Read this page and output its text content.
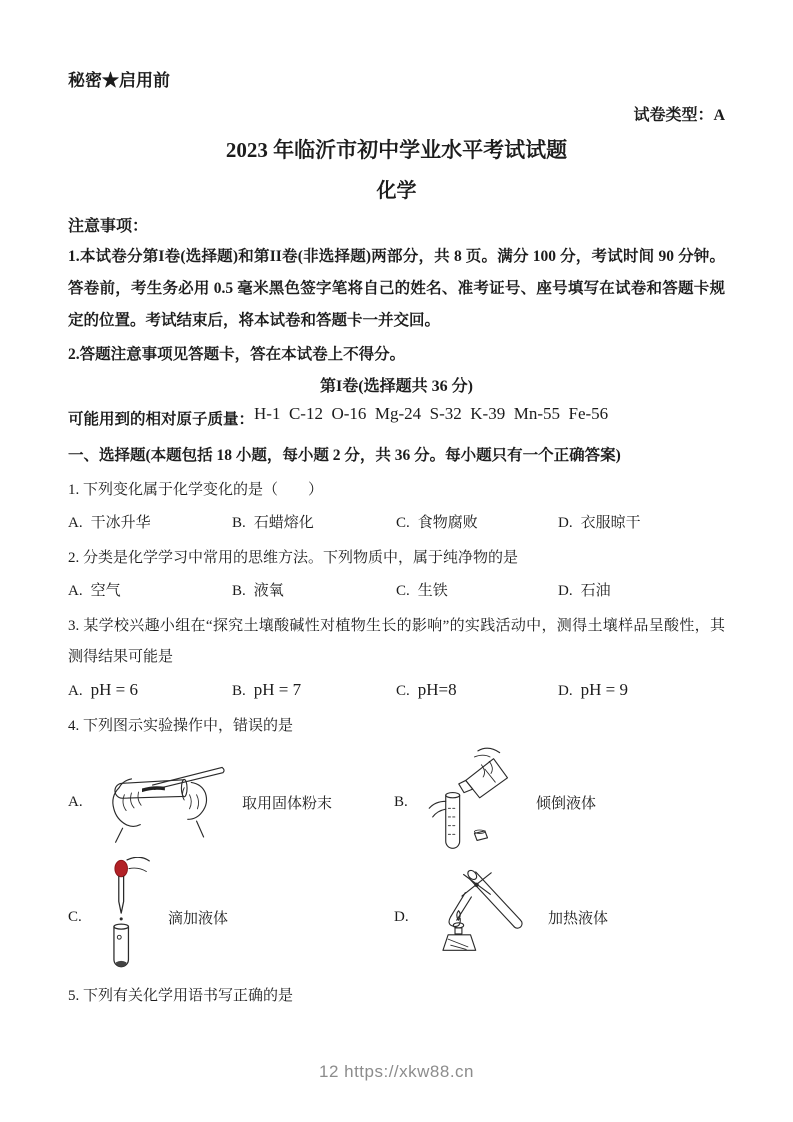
秘密★启用前
试卷类型：A
2023 年临沂市初中学业水平考试试题
化学
注意事项：

1.本试卷分第I卷(选择题)和第II卷(非选择题)两部分，共 8 页。满分 100 分，考试时间 90 分钟。答卷前，考生务必用 0.5 毫米黑色签字笔将自己的姓名、准考证号、座号填写在试卷和答题卡规定的位置。考试结束后，将本试卷和答题卡一并交回。

2.答题注意事项见答题卡，答在本试卷上不得分。

第I卷(选择题共 36 分)
可能用到的相对原子质量：H-1  C-12  O-16  Mg-24  S-32  K-39  Mn-55  Fe-56
一、选择题(本题包括 18 小题，每小题 2 分，共 36 分。每小题只有一个正确答案)
1. 下列变化属于化学变化的是（　　）
A. 干冰升华	B. 石蜡熔化	C. 食物腐败	D. 衣服晾干
2. 分类是化学学习中常用的思维方法。下列物质中，属于纯净物的是
A. 空气	B. 液氧	C. 生铁	D. 石油
3. 某学校兴趣小组在“探究土壤酸碱性对植物生长的影响”的实践活动中，测得土壤样品呈酸性，其测得结果可能是
A. pH = 6	B. pH = 7	C. pH=8	D. pH = 9
4. 下列图示实验操作中，错误的是
A.	取用固体粉末	B.	倾倒液体
C.	滴加液体	D.	加热液体
5. 下列有关化学用语书写正确的是
12 https://xkw88.cn
